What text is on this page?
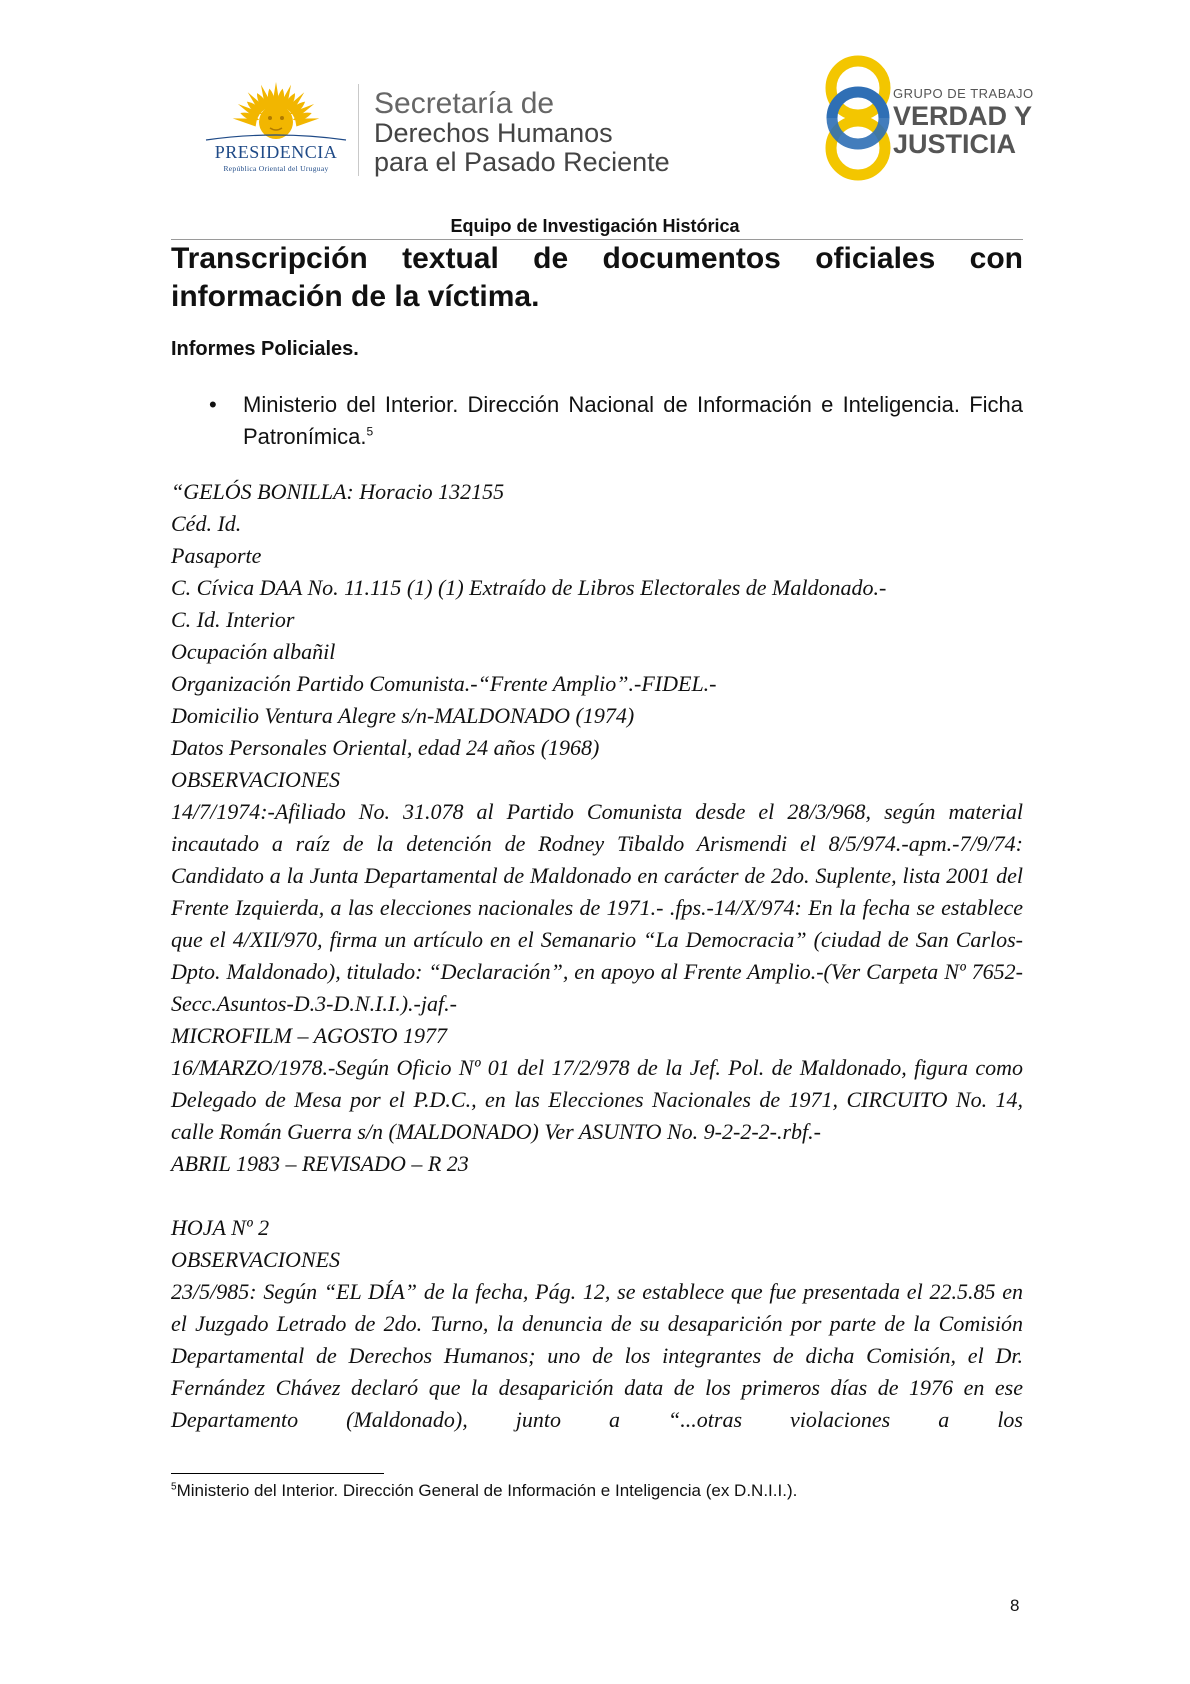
PRESIDENCIA
República Oriental del Uruguay
Secretaría de
Derechos Humanos
para el Pasado Reciente
GRUPO DE TRABAJO
VERDAD Y
JUSTICIA
Equipo de Investigación Histórica
Transcripción textual de documentos oficiales con información de la víctima.
Informes Policiales.
• Ministerio del Interior. Dirección Nacional de Información e Inteligencia. Ficha Patronímica.$^5$
“GELÓS BONILLA: Horacio 132155
Céd. Id.
Pasaporte
C. Cívica DAA No. 11.115 (1) (1) Extraído de Libros Electorales de Maldonado.-
C. Id. Interior
Ocupación albañil
Organización Partido Comunista.-“Frente Amplio”.-FIDEL.-
Domicilio Ventura Alegre s/n-MALDONADO (1974)
Datos Personales Oriental, edad 24 años (1968)
OBSERVACIONES
14/7/1974:-Afiliado No. 31.078 al Partido Comunista desde el 28/3/968, según material incautado a raíz de la detención de Rodney Tibaldo Arismendi el 8/5/974.-apm.-7/9/74: Candidato a la Junta Departamental de Maldonado en carácter de 2do. Suplente, lista 2001 del Frente Izquierda, a las elecciones nacionales de 1971.- .fps.-14/X/974: En la fecha se establece que el 4/XII/970, firma un artículo en el Semanario “La Democracia” (ciudad de San Carlos-Dpto. Maldonado), titulado: “Declaración”, en apoyo al Frente Amplio.-(Ver Carpeta Nº 7652-Secc.Asuntos-D.3-D.N.I.I.).-jaf.-
MICROFILM – AGOSTO 1977
16/MARZO/1978.-Según Oficio Nº 01 del 17/2/978 de la Jef. Pol. de Maldonado, figura como Delegado de Mesa por el P.D.C., en las Elecciones Nacionales de 1971, CIRCUITO No. 14, calle Román Guerra s/n (MALDONADO) Ver ASUNTO No. 9-2-2-2-.rbf.-
ABRIL 1983 – REVISADO – R 23
HOJA Nº 2
OBSERVACIONES
23/5/985: Según “EL DÍA” de la fecha, Pág. 12, se establece que fue presentada el 22.5.85 en el Juzgado Letrado de 2do. Turno, la denuncia de su desaparición por parte de la Comisión Departamental de Derechos Humanos; uno de los integrantes de dicha Comisión, el Dr. Fernández Chávez declaró que la desaparición data de los primeros días de 1976 en ese Departamento (Maldonado), junto a “...otras violaciones a los
$^5$Ministerio del Interior. Dirección General de Información e Inteligencia (ex D.N.I.I.).
8
